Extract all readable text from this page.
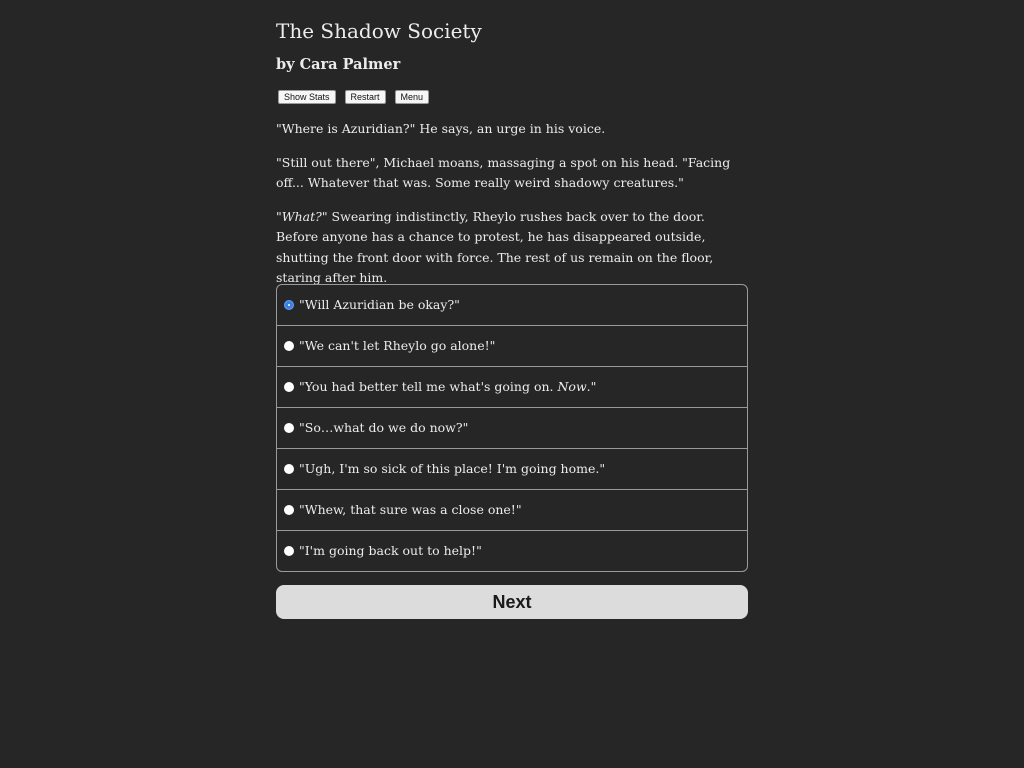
The Shadow Society
by Cara Palmer
Show Stats	Restart	Menu

"Where is Azuridian?" He says, an urge in his voice.

"Still out there", Michael moans, massaging a spot on his head. "Facing off... Whatever that was. Some really weird shadowy creatures."

"What?" Swearing indistinctly, Rheylo rushes back over to the door. Before anyone has a chance to protest, he has disappeared outside, shutting the front door with force. The rest of us remain on the floor, staring after him.

"Will Azuridian be okay?"
"We can't let Rheylo go alone!"
"You had better tell me what's going on. Now."
"So…what do we do now?"
"Ugh, I'm so sick of this place! I'm going home."
"Whew, that sure was a close one!"
"I'm going back out to help!"
Next
